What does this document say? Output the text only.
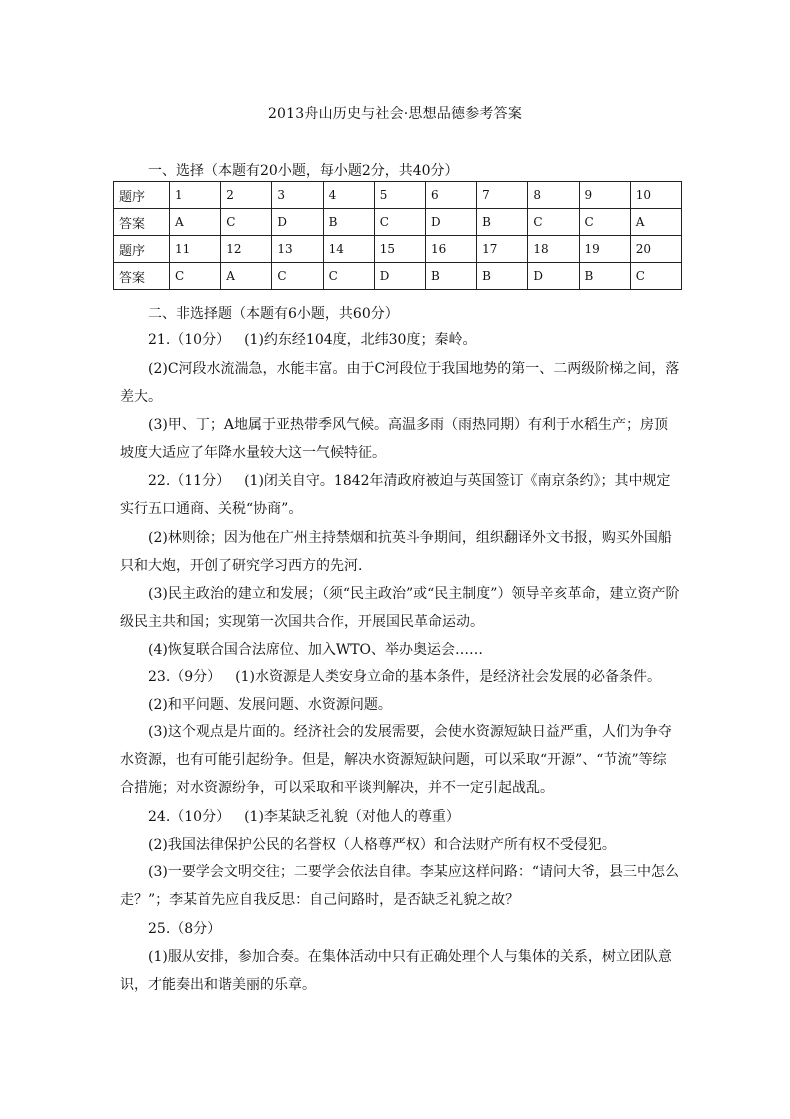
2013舟山历史与社会·思想品德参考答案
一、选择（本题有20小题，每小题2分，共40分）
题序	1	2	3	4	5	6	7	8	9	10
答案	A	C	D	B	C	D	B	C	C	A
题序	11	12	13	14	15	16	17	18	19	20
答案	C	A	C	C	D	B	B	D	B	C
二、非选择题（本题有6小题，共60分）
21.（10分） (1)约东经104度，北纬30度；秦岭。
(2)C河段水流湍急，水能丰富。由于C河段位于我国地势的第一、二两级阶梯之间，落差大。
(3)甲、丁；A地属于亚热带季风气候。高温多雨（雨热同期）有利于水稻生产；房顶坡度大适应了年降水量较大这一气候特征。
22.（11分） (1)闭关自守。1842年清政府被迫与英国签订《南京条约》；其中规定实行五口通商、关税“协商”。
(2)林则徐；因为他在广州主持禁烟和抗英斗争期间，组织翻译外文书报，购买外国船只和大炮，开创了研究学习西方的先河.
(3)民主政治的建立和发展；（须“民主政治”或“民主制度”）领导辛亥革命，建立资产阶级民主共和国；实现第一次国共合作，开展国民革命运动。
(4)恢复联合国合法席位、加入WTO、举办奥运会……
23.（9分） (1)水资源是人类安身立命的基本条件，是经济社会发展的必备条件。
(2)和平问题、发展问题、水资源问题。
(3)这个观点是片面的。经济社会的发展需要，会使水资源短缺日益严重，人们为争夺水资源，也有可能引起纷争。但是，解决水资源短缺问题，可以采取“开源”、“节流”等综合措施；对水资源纷争，可以采取和平谈判解决，并不一定引起战乱。
24.（10分） (1)李某缺乏礼貌（对他人的尊重）
(2)我国法律保护公民的名誉权（人格尊严权）和合法财产所有权不受侵犯。
(3)一要学会文明交往；二要学会依法自律。李某应这样问路：“请问大爷，县三中怎么走？”；李某首先应自我反思：自己问路时，是否缺乏礼貌之故？
25.（8分）
(1)服从安排，参加合奏。在集体活动中只有正确处理个人与集体的关系，树立团队意识，才能奏出和谐美丽的乐章。
